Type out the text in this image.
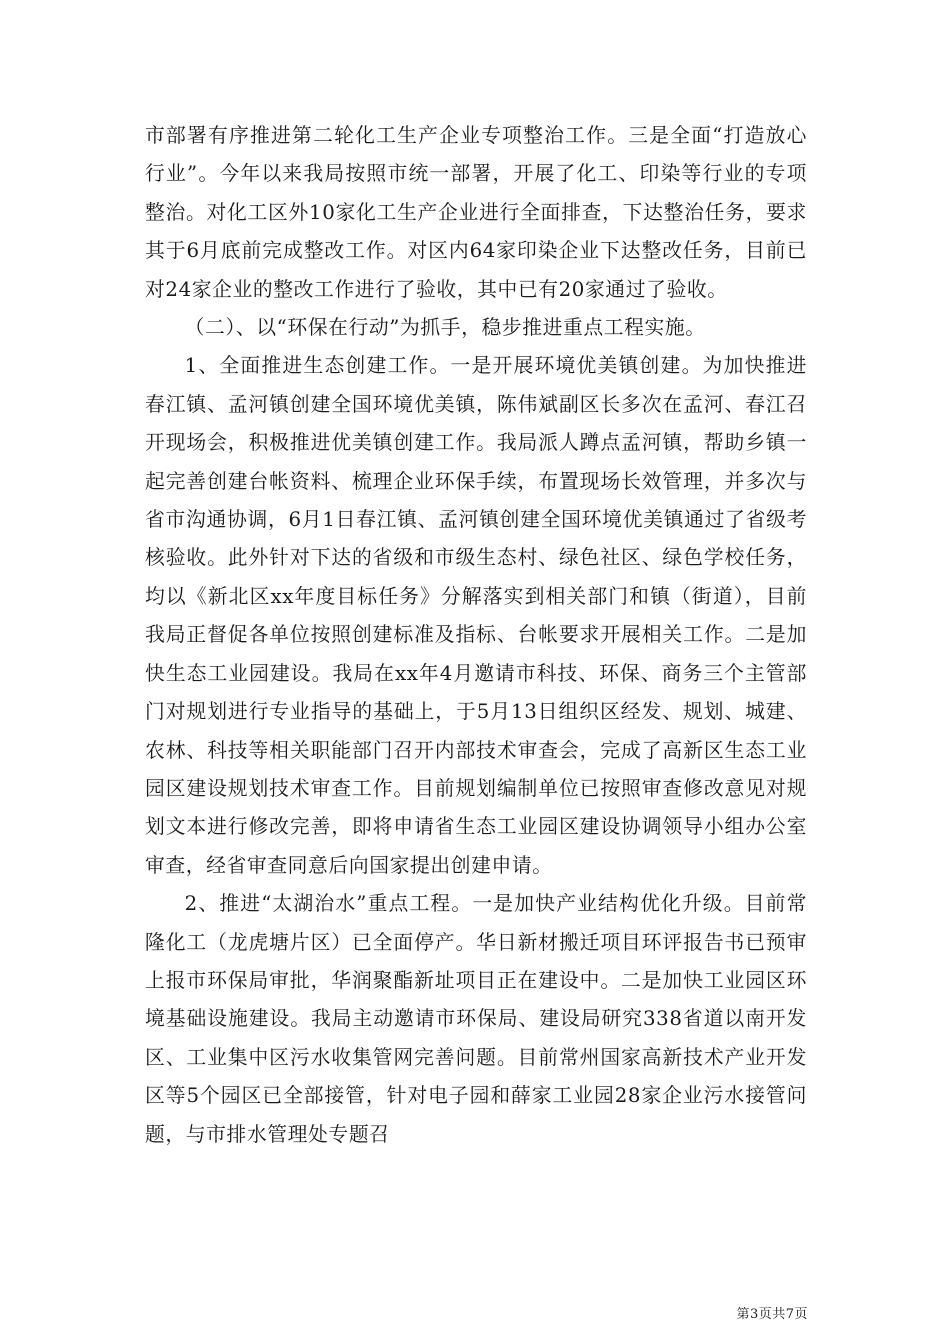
市部署有序推进第二轮化工生产企业专项整治工作。三是全面“打造放心行业”。今年以来我局按照市统一部署，开展了化工、印染等行业的专项整治。对化工区外10家化工生产企业进行全面排查，下达整治任务，要求其于6月底前完成整改工作。对区内64家印染企业下达整改任务，目前已对24家企业的整改工作进行了验收，其中已有20家通过了验收。

（二）、以“环保在行动”为抓手，稳步推进重点工程实施。

1、全面推进生态创建工作。一是开展环境优美镇创建。为加快推进春江镇、孟河镇创建全国环境优美镇，陈伟斌副区长多次在孟河、春江召开现场会，积极推进优美镇创建工作。我局派人蹲点孟河镇，帮助乡镇一起完善创建台帐资料、梳理企业环保手续，布置现场长效管理，并多次与省市沟通协调，6月1日春江镇、孟河镇创建全国环境优美镇通过了省级考核验收。此外针对下达的省级和市级生态村、绿色社区、绿色学校任务，均以《新北区xx年度目标任务》分解落实到相关部门和镇（街道），目前我局正督促各单位按照创建标准及指标、台帐要求开展相关工作。二是加快生态工业园建设。我局在xx年4月邀请市科技、环保、商务三个主管部门对规划进行专业指导的基础上，于5月13日组织区经发、规划、城建、农林、科技等相关职能部门召开内部技术审查会，完成了高新区生态工业园区建设规划技术审查工作。目前规划编制单位已按照审查修改意见对规划文本进行修改完善，即将申请省生态工业园区建设协调领导小组办公室审查，经省审查同意后向国家提出创建申请。

2、推进“太湖治水”重点工程。一是加快产业结构优化升级。目前常隆化工（龙虎塘片区）已全面停产。华日新材搬迁项目环评报告书已预审上报市环保局审批，华润聚酯新址项目正在建设中。二是加快工业园区环境基础设施建设。我局主动邀请市环保局、建设局研究338省道以南开发区、工业集中区污水收集管网完善问题。目前常州国家高新技术产业开发区等5个园区已全部接管，针对电子园和薛家工业园28家企业污水接管问题，与市排水管理处专题召

第3页共7页
